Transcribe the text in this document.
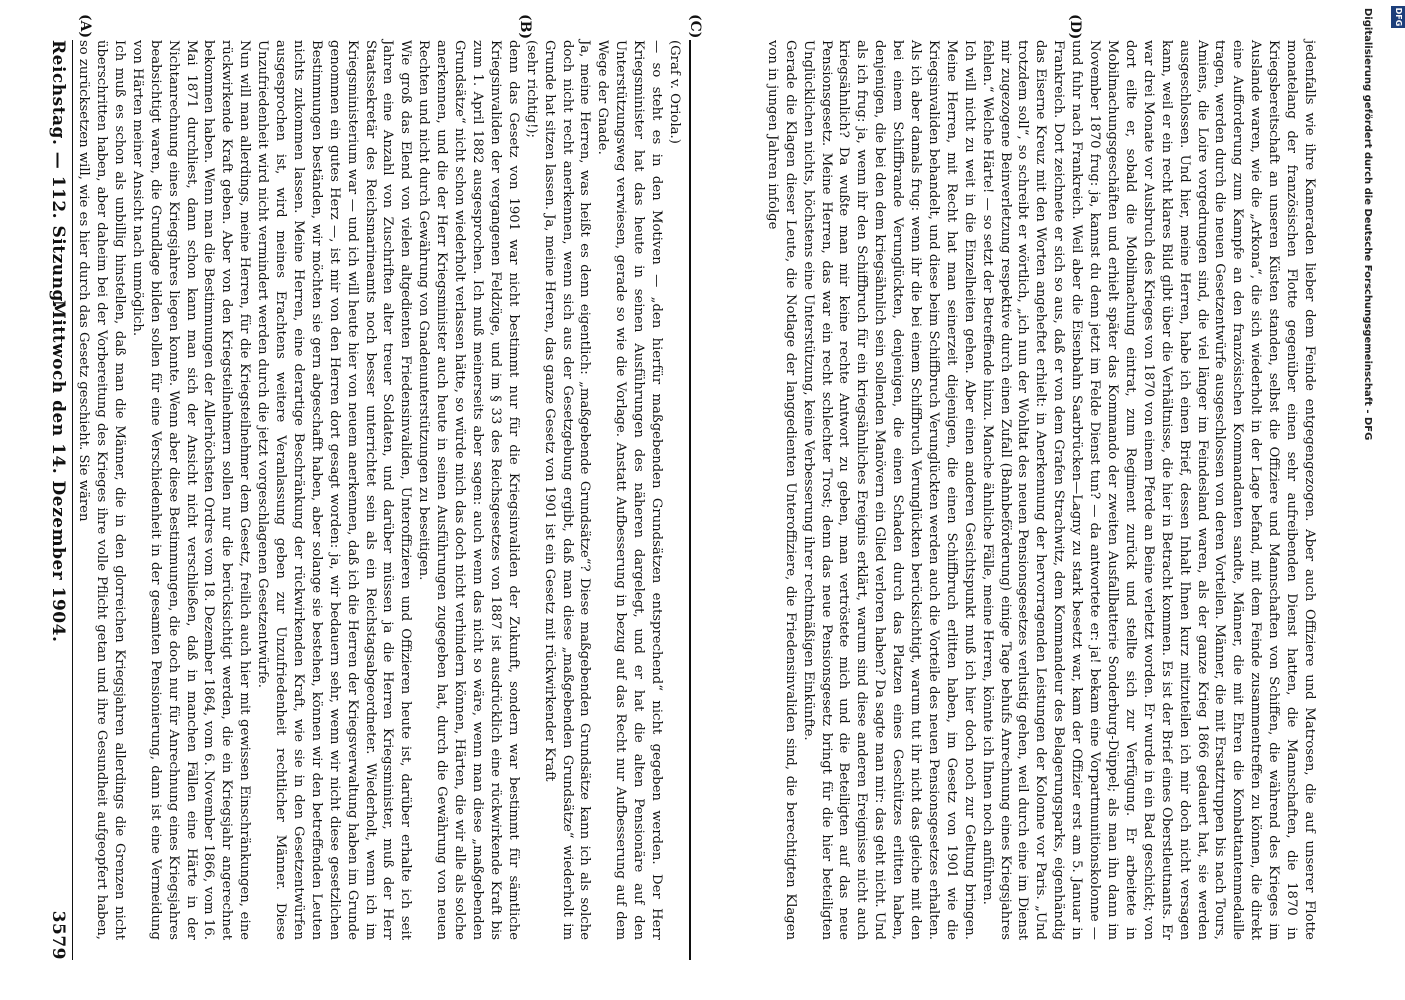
Reichstag. — 112. Sitzung.
Mittwoch den 14. Dezember 1904.
3579
(Graf v. Oriola.)
— so steht es in den Motiven — „den hierfür maßgebenden Grundsätzen entsprechend“ nicht gegeben werden. Der Herr Kriegsminister hat das heute in seinen Ausführungen des näheren dargelegt, und er hat die alten Pensionäre auf den Unterstützungsweg verwiesen, gerade so wie die Vorlage. Anstatt Aufbesserung in bezug auf das Recht nur Aufbesserung auf dem Wege der Gnade.
Ja, meine Herren, was heißt es denn eigentlich: „maßgebende Grundsätze“? Diese maßgebenden Grundsätze kann ich als solche doch nicht recht anerkennen, wenn sich aus der Gesetzgebung ergibt, daß man diese „maßgebenden Grundsätze“ wiederholt im Grunde hat sitzen lassen. Ja, meine Herren, das ganze Gesetz von 1901 ist ein Gesetz mit rückwirkender Kraft
(sehr richtig!);
denn das Gesetz von 1901 war nicht bestimmt nur für die Kriegsinvaliden der Zukunft, sondern war bestimmt für sämtliche Kriegsinvaliden der vergangenen Feldzüge, und im § 33 des Reichsgesetzes von 1887 ist ausdrücklich eine rückwirkende Kraft bis zum 1. April 1882 ausgesprochen. Ich muß meinerseits aber sagen: auch wenn das nicht so wäre, wenn man diese „maßgebenden Grundsätze“ nicht schon wiederholt verlassen hätte, so würde mich das doch nicht verhindern können, Härten, die wir alle als solche anerkennen, und die der Herr Kriegsminister auch heute in seinen Ausführungen zugegeben hat, durch die Gewährung von neuen Rechten und nicht durch Gewährung von Gnadenunterstützungen zu beseitigen.
Wie groß das Elend von vielen altgedienten Friedensinvaliden, Unteroffizieren und Offizieren heute ist, darüber erhalte ich seit Jahren eine Anzahl von Zuschriften alter treuer Soldaten, und darüber müssen ja die Herren Kriegsminister, muß der Herr Staatssekretär des Reichsmarineamts noch besser unterrichtet sein als ein Reichstagsabgeordneter. Wiederholt, wenn ich im Kriegsministerium war — und ich will heute hier von neuem anerkennen, daß ich die Herren der Kriegsverwaltung haben im Grunde genommen ein gutes Herz —, ist mir von den Herren dort gesagt worden: ja, wir bedauern sehr, wenn wir nicht diese gesetzlichen Bestimmungen beständen, wir möchten sie gern abgeschafft haben, aber solange sie bestehen, können wir den betreffenden Leuten nichts zukommen lassen. Meine Herren, eine derartige Beschränkung der rückwirkenden Kraft, wie sie in den Gesetzentwürfen ausgesprochen ist, wird meines Erachtens weitere Veranlassung geben zur Unzufriedenheit rechtlicher Männer. Diese Unzufriedenheit wird nicht vermindert werden durch die jetzt vorgeschlagenen Gesetzentwürfe.
Nun will man allerdings, meine Herren, für die Kriegsteilnehmer dem Gesetz, freilich auch hier mit gewissen Einschränkungen, eine rückwirkende Kraft geben. Aber von den Kriegsteilnehmern sollen nur die berücksichtigt werden, die ein Kriegsjahr angerechnet bekommen haben. Wenn man die Bestimmungen der Allerhöchsten Ordres vom 18. Dezember 1864, vom 6. November 1866, vom 16. Mai 1871 durchliest, dann schon kann man sich der Ansicht nicht verschließen, daß in manchen Fällen eine Härte in der Nichtanrechnung eines Kriegsjahres liegen konnte. Wenn aber diese Bestimmungen, die doch nur für Anrechnung eines Kriegsjahres beabsichtigt waren, die Grundlage bilden sollen für eine Verschiedenheit in der gesamten Pensionierung, dann ist eine Vermeidung von Härten meiner Ansicht nach unmöglich.
Ich muß es schon als unbillig hinstellen, daß man die Männer, die in den glorreichen Kriegsjahren allerdings die Grenzen nicht überschritten haben, aber daheim bei der Vorbereitung des Krieges ihre volle Pflicht getan und ihre Gesundheit aufgeopfert haben, so zurücksetzen will, wie es hier durch das Gesetz geschieht. Sie wären
jedenfalls wie ihre Kameraden lieber dem Feinde entgegengezogen. Aber auch Offiziere und Matrosen, die auf unserer Flotte monatelang der französischen Flotte gegenüber einen sehr aufreibenden Dienst hatten, die Mannschaften, die 1870 in Kriegsbereitschaft an unseren Küsten standen, selbst die Offiziere und Mannschaften von Schiffen, die während des Krieges im Auslande waren, wie die „Arkona“, die sich wiederholt in der Lage befand, mit dem Feinde zusammentreffen zu können, die direkt eine Aufforderung zum Kampfe an den französischen Kommandanten sandte, Männer, die mit Ehren die Kombattantenmedaille tragen, werden durch die neuen Gesetzentwürfe ausgeschlossen von deren Vorteilen. Männer, die mit Ersatztruppen bis nach Tours, Amiens, die Loire vorgedrungen sind, die viel länger im Feindesland waren, als der ganze Krieg 1866 gedauert hat, sie werden ausgeschlossen. Und hier, meine Herren, habe ich einen Brief, dessen Inhalt Ihnen kurz mitzuteilen ich mir doch nicht versagen kann, weil er ein recht klares Bild gibt über die Verhältnisse, die hier in Betracht kommen. Es ist der Brief eines Oberstleutnants. Er war drei Monate vor Ausbruch des Krieges von 1870 von einem Pferde an Beine verletzt worden. Er wurde in ein Bad geschickt; von dort eilte er, sobald die Mobilmachung eintrat, zum Regiment zurück und stellte sich zur Verfügung. Er arbeitete in Mobilmachungsgeschäften und erhielt später das Kommando der zweiten Ausfallbatterie Sonderburg-Düppel; als man ihn dann im November 1870 frug: ja, kannst du denn jetzt im Felde Dienst tun? — da antwortete er: ja! bekam eine Vorpartmunitionskolonne — und fuhr nach Frankreich. Weil aber die Eisenbahn Saarbrücken—Lagny zu stark besetzt war, kam der Offizier erst am 5. Januar in Frankreich. Dort zeichnete er sich so aus, daß er von dem Grafen Strachwitz, dem Kommandeur des Belagerungsparks, eigenhändig das Eiserne Kreuz mit den Worten angeheftet erhielt: in Anerkennung der hervorragenden Leistungen der Kolonne vor Paris. „Und trotzdem soll“, so schreibt er wörtlich, „ich nun der Wohltat des neuen Pensionsgesetzes verlustig gehen, weil durch eine im Dienst mir zugezogene Beinverletzung respektive durch einen Zufall (Bahnbeförderung) einige Tage behufs Anrechnung eines Kriegsjahres fehlen.“ Welche Härte! — so setzt der Betreffende hinzu. Manche ähnliche Fälle, meine Herren, könnte ich Ihnen noch anführen.
Ich will nicht zu weit in die Einzelheiten gehen. Aber einen anderen Gesichtspunkt muß ich hier doch noch zur Geltung bringen. Meine Herren, mit Recht hat man seinerzeit diejenigen, die einen Schiffbruch erlitten haben, im Gesetz von 1901 wie die Kriegsinvaliden behandelt, und diese beim Schiffbruch Verunglückten werden auch die Vorteile des neuen Pensionsgesetzes erhalten. Als ich aber damals frug: wenn ihr die bei einem Schiffbruch Verunglückten berücksichtigt, warum tut ihr nicht das gleiche mit den bei einem Schiffbrande Verunglückten, denjenigen, die einen Schaden durch das Platzen eines Geschützes erlitten haben, denjenigen, die bei den dem kriegsähnlich sein sollenden Manövern ein Glied verloren haben? Da sagte man mir: das geht nicht. Und als ich frug: ja, wenn ihr den Schiffbruch für ein kriegsähnliches Ereignis erklärt, warum sind diese anderen Ereignisse nicht auch kriegsähnlich? Da wußte man mir keine rechte Antwort zu geben, man vertröstete mich und die Beteiligten auf das neue Pensionsgesetz. Meine Herren, das war ein recht schlechter Trost; denn das neue Pensionsgesetz bringt für die hier beteiligten Unglücklichen nichts, höchstens eine Unterstützung, keine Verbesserung ihrer rechtmäßigen Einkünfte.
Gerade die Klagen dieser Leute, die Notlage der langgedienten Unteroffiziere, die Friedensinvaliden sind, die berechtigten Klagen von in jungen Jahren infolge
(A)	(B)	(C)	(D)	Digitalisierung gefördert durch die Deutsche Forschungsgemeinschaft - DFG	DFG
